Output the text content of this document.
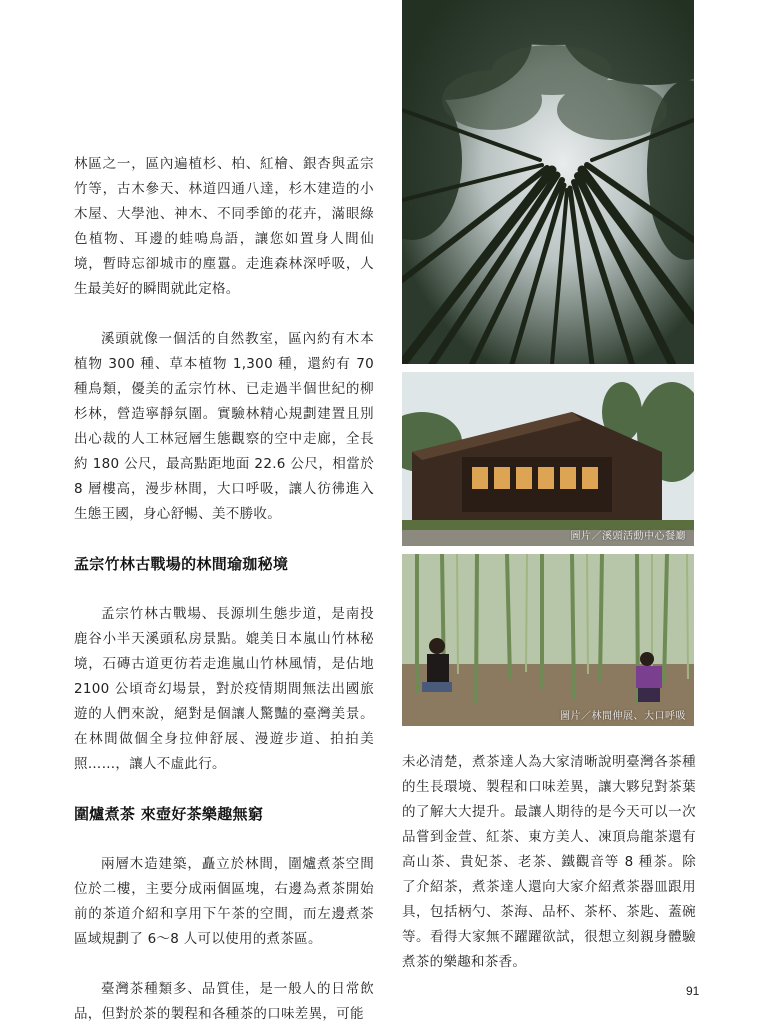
林區之一，區內遍植杉、柏、紅檜、銀杏與孟宗竹等，古木參天、林道四通八達，杉木建造的小木屋、大學池、神木、不同季節的花卉，滿眼綠色植物、耳邊的蛙鳴鳥語，讓您如置身人間仙境，暫時忘卻城市的塵囂。走進森林深呼吸，人生最美好的瞬間就此定格。

溪頭就像一個活的自然教室，區內約有木本植物 300 種、草本植物 1,300 種，還約有 70 種鳥類，優美的孟宗竹林、已走過半個世紀的柳杉林，營造寧靜氛圍。實驗林精心規劃建置且別出心裁的人工林冠層生態觀察的空中走廊，全長約 180 公尺，最高點距地面 22.6 公尺，相當於 8 層樓高，漫步林間，大口呼吸，讓人彷彿進入生態王國，身心舒暢、美不勝收。

孟宗竹林古戰場的林間瑜珈秘境

孟宗竹林古戰場、長源圳生態步道，是南投鹿谷小半天溪頭私房景點。媲美日本嵐山竹林秘境，石磚古道更彷若走進嵐山竹林風情，是佔地 2100 公頃奇幻場景，對於疫情期間無法出國旅遊的人們來說，絕對是個讓人驚豔的臺灣美景。在林間做個全身拉伸舒展、漫遊步道、拍拍美照……，讓人不虛此行。

圍爐煮茶 來壺好茶樂趣無窮

兩層木造建築，矗立於林間，圍爐煮茶空間位於二樓，主要分成兩個區塊，右邊為煮茶開始前的茶道介紹和享用下午茶的空間，而左邊煮茶區域規劃了 6～8 人可以使用的煮茶區。

臺灣茶種類多、品質佳，是一般人的日常飲品，但對於茶的製程和各種茶的口味差異，可能

圖片／溪頭活動中心餐廳
圖片／林間伸展、大口呼吸

未必清楚，煮茶達人為大家清晰說明臺灣各茶種的生長環境、製程和口味差異，讓大夥兒對茶葉的了解大大提升。最讓人期待的是今天可以一次品嘗到金萱、紅茶、東方美人、凍頂烏龍茶還有高山茶、貴妃茶、老茶、鐵觀音等 8 種茶。除了介紹茶，煮茶達人還向大家介紹煮茶器皿跟用具，包括柄勺、茶海、品杯、茶杯、茶匙、蓋碗等。看得大家無不躍躍欲試，很想立刻親身體驗煮茶的樂趣和茶香。

91
